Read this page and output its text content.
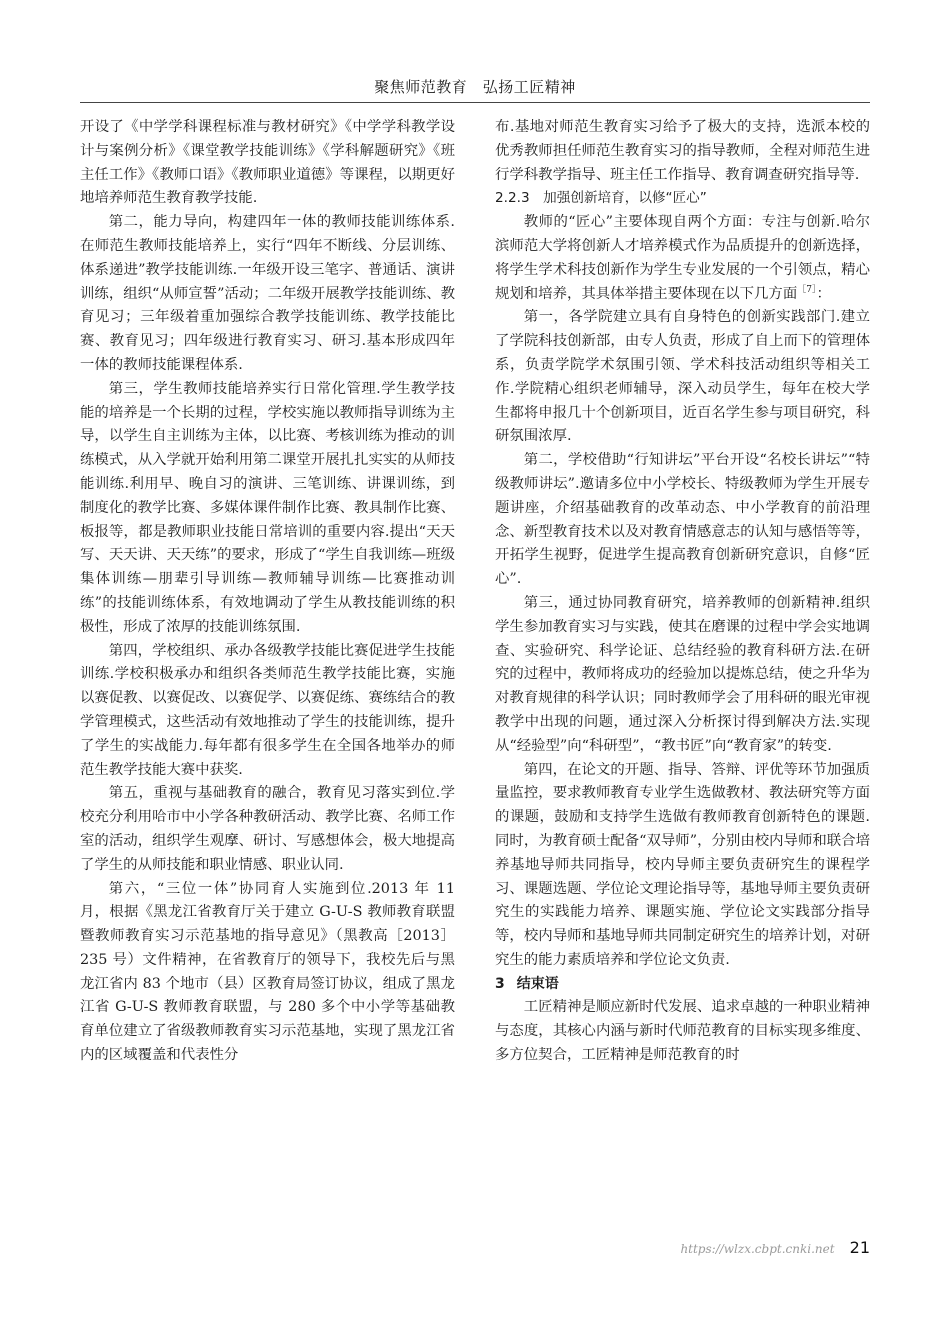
聚焦师范教育　弘扬工匠精神

开设了《中学学科课程标准与教材研究》《中学学科教学设计与案例分析》《课堂教学技能训练》《学科解题研究》《班主任工作》《教师口语》《教师职业道德》等课程，以期更好地培养师范生教育教学技能.

第二，能力导向，构建四年一体的教师技能训练体系.在师范生教师技能培养上，实行“四年不断线、分层训练、体系递进”教学技能训练.一年级开设三笔字、普通话、演讲训练，组织“从师宣誓”活动；二年级开展教学技能训练、教育见习；三年级着重加强综合教学技能训练、教学技能比赛、教育见习；四年级进行教育实习、研习.基本形成四年一体的教师技能课程体系.

第三，学生教师技能培养实行日常化管理.学生教学技能的培养是一个长期的过程，学校实施以教师指导训练为主导，以学生自主训练为主体，以比赛、考核训练为推动的训练模式，从入学就开始利用第二课堂开展扎扎实实的从师技能训练.利用早、晚自习的演讲、三笔训练、讲课训练，到制度化的教学比赛、多媒体课件制作比赛、教具制作比赛、板报等，都是教师职业技能日常培训的重要内容.提出“天天写、天天讲、天天练”的要求，形成了“学生自我训练—班级集体训练—朋辈引导训练—教师辅导训练—比赛推动训练”的技能训练体系，有效地调动了学生从教技能训练的积极性，形成了浓厚的技能训练氛围.

第四，学校组织、承办各级教学技能比赛促进学生技能训练.学校积极承办和组织各类师范生教学技能比赛，实施以赛促教、以赛促改、以赛促学、以赛促练、赛练结合的教学管理模式，这些活动有效地推动了学生的技能训练，提升了学生的实战能力.每年都有很多学生在全国各地举办的师范生教学技能大赛中获奖.

第五，重视与基础教育的融合，教育见习落实到位.学校充分利用哈市中小学各种教研活动、教学比赛、名师工作室的活动，组织学生观摩、研讨、写感想体会，极大地提高了学生的从师技能和职业情感、职业认同.

第六，“三位一体”协同育人实施到位.2013 年 11 月，根据《黑龙江省教育厅关于建立 G-U-S 教师教育联盟暨教师教育实习示范基地的指导意见》（黑教高［2013］235 号）文件精神，在省教育厅的领导下，我校先后与黑龙江省内 83 个地市（县）区教育局签订协议，组成了黑龙江省 G-U-S 教师教育联盟，与 280 多个中小学等基础教育单位建立了省级教师教育实习示范基地，实现了黑龙江省内的区域覆盖和代表性分

布.基地对师范生教育实习给予了极大的支持，选派本校的优秀教师担任师范生教育实习的指导教师，全程对师范生进行学科教学指导、班主任工作指导、教育调查研究指导等.

2.2.3　加强创新培育，以修“匠心”

教师的“匠心”主要体现自两个方面：专注与创新.哈尔滨师范大学将创新人才培养模式作为品质提升的创新选择，将学生学术科技创新作为学生专业发展的一个引领点，精心规划和培养，其具体举措主要体现在以下几方面$^{[7]}$：

第一，各学院建立具有自身特色的创新实践部门.建立了学院科技创新部，由专人负责，形成了自上而下的管理体系，负责学院学术氛围引领、学术科技活动组织等相关工作.学院精心组织老师辅导，深入动员学生，每年在校大学生都将申报几十个创新项目，近百名学生参与项目研究，科研氛围浓厚.

第二，学校借助“行知讲坛”平台开设“名校长讲坛”“特级教师讲坛”.邀请多位中小学校长、特级教师为学生开展专题讲座，介绍基础教育的改革动态、中小学教育的前沿理念、新型教育技术以及对教育情感意志的认知与感悟等等，开拓学生视野，促进学生提高教育创新研究意识，自修“匠心”.

第三，通过协同教育研究，培养教师的创新精神.组织学生参加教育实习与实践，使其在磨课的过程中学会实地调查、实验研究、科学论证、总结经验的教育科研方法.在研究的过程中，教师将成功的经验加以提炼总结，使之升华为对教育规律的科学认识；同时教师学会了用科研的眼光审视教学中出现的问题，通过深入分析探讨得到解决方法.实现从“经验型”向“科研型”，“教书匠”向“教育家”的转变.

第四，在论文的开题、指导、答辩、评优等环节加强质量监控，要求教师教育专业学生选做教材、教法研究等方面的课题，鼓励和支持学生选做有教师教育创新特色的课题.同时，为教育硕士配备“双导师”，分别由校内导师和联合培养基地导师共同指导，校内导师主要负责研究生的课程学习、课题选题、学位论文理论指导等，基地导师主要负责研究生的实践能力培养、课题实施、学位论文实践部分指导等，校内导师和基地导师共同制定研究生的培养计划，对研究生的能力素质培养和学位论文负责.

3 结束语

工匠精神是顺应新时代发展、追求卓越的一种职业精神与态度，其核心内涵与新时代师范教育的目标实现多维度、多方位契合，工匠精神是师范教育的时

https://wlzx.cbpt.cnki.net 21
